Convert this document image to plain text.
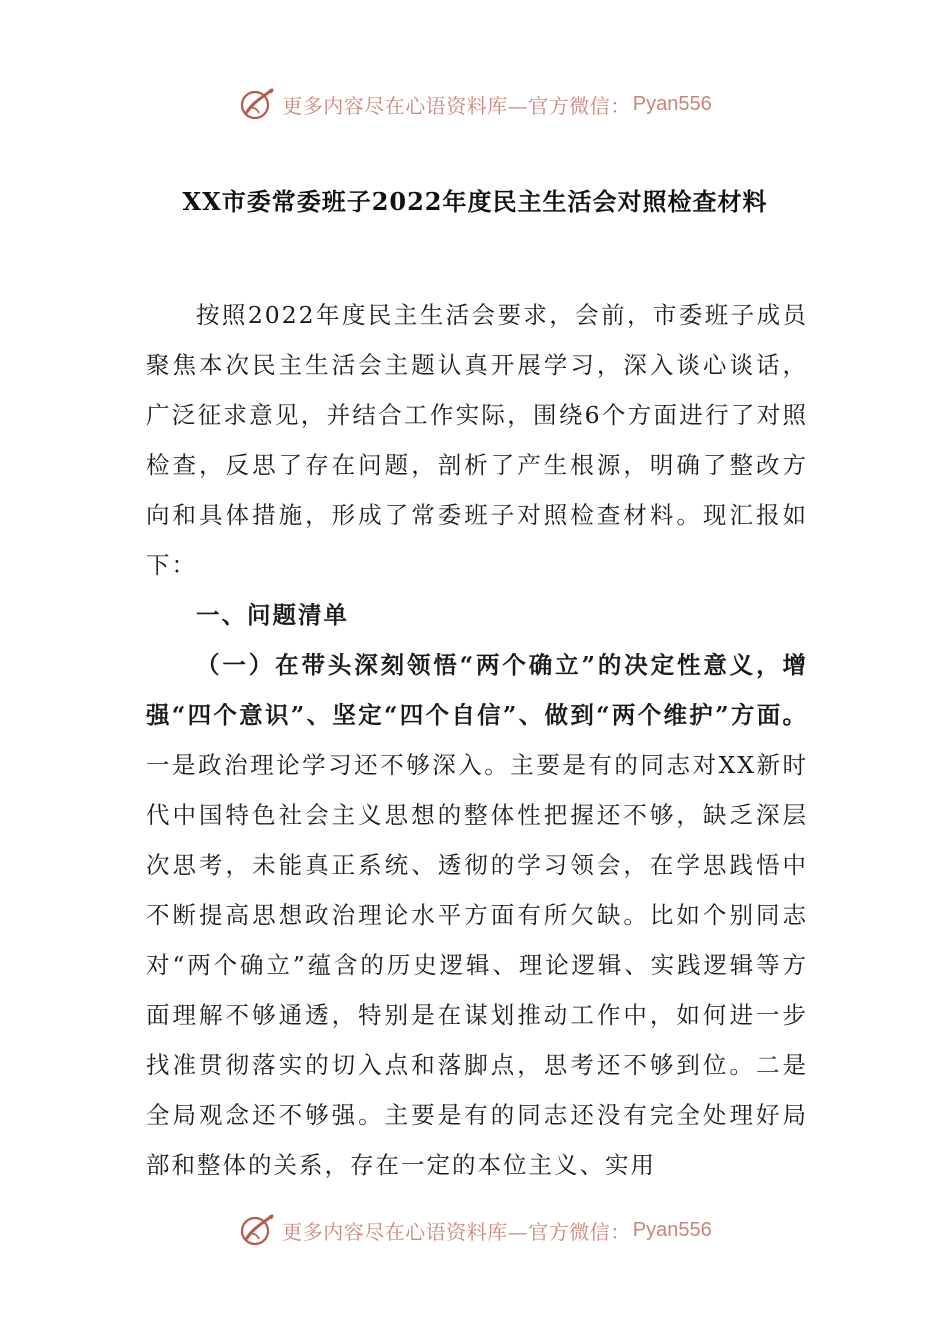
更多内容尽在心语资料库—官方微信： Pyan556
XX市委常委班子2022年度民主生活会对照检查材料

按照2022年度民主生活会要求，会前，市委班子成员聚焦本次民主生活会主题认真开展学习，深入谈心谈话，广泛征求意见，并结合工作实际，围绕6个方面进行了对照检查，反思了存在问题，剖析了产生根源，明确了整改方向和具体措施，形成了常委班子对照检查材料。现汇报如下：

一、问题清单

（一）在带头深刻领悟“两个确立”的决定性意义，增强“四个意识”、坚定“四个自信”、做到“两个维护”方面。一是政治理论学习还不够深入。主要是有的同志对XX新时代中国特色社会主义思想的整体性把握还不够，缺乏深层次思考，未能真正系统、透彻的学习领会，在学思践悟中不断提高思想政治理论水平方面有所欠缺。比如个别同志对“两个确立”蕴含的历史逻辑、理论逻辑、实践逻辑等方面理解不够通透，特别是在谋划推动工作中，如何进一步找准贯彻落实的切入点和落脚点，思考还不够到位。二是全局观念还不够强。主要是有的同志还没有完全处理好局部和整体的关系，存在一定的本位主义、实用

更多内容尽在心语资料库—官方微信： Pyan556
